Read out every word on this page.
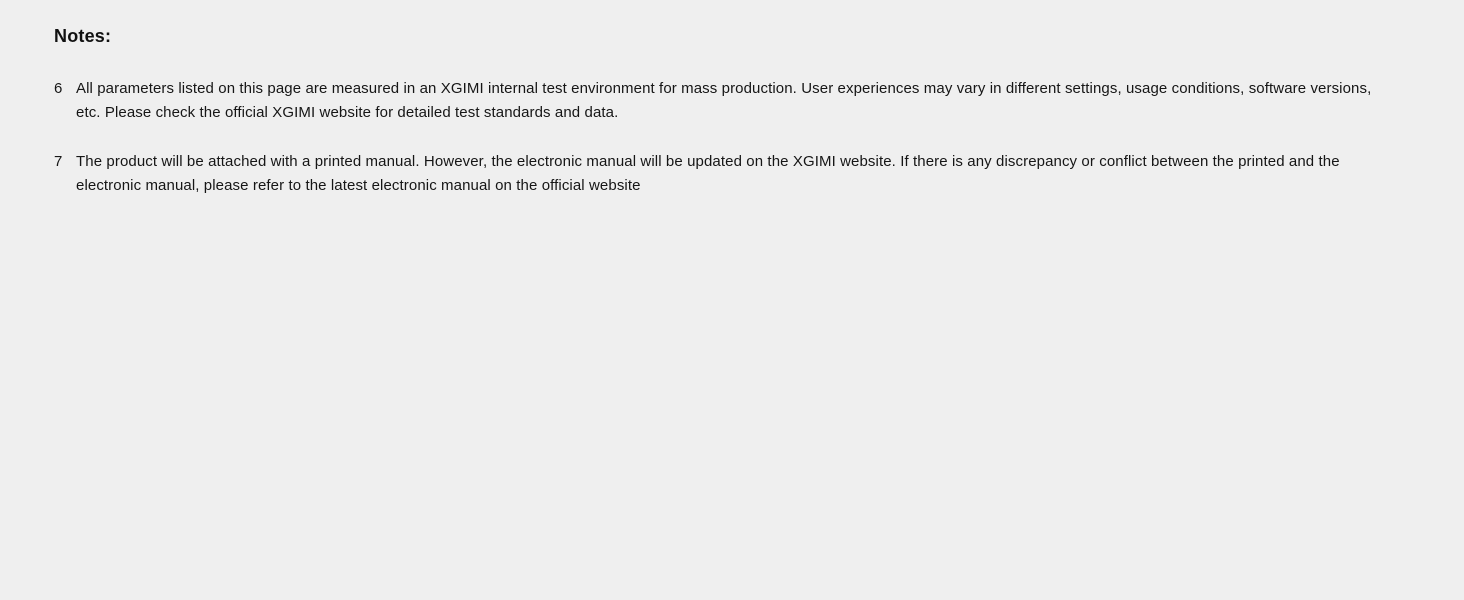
Notes:
6 All parameters listed on this page are measured in an XGIMI internal test environment for mass production. User experiences may vary in different settings, usage conditions, software versions, etc. Please check the official XGIMI website for detailed test standards and data.
7 The product will be attached with a printed manual. However, the electronic manual will be updated on the XGIMI website. If there is any discrepancy or conflict between the printed and the electronic manual, please refer to the latest electronic manual on the official website
